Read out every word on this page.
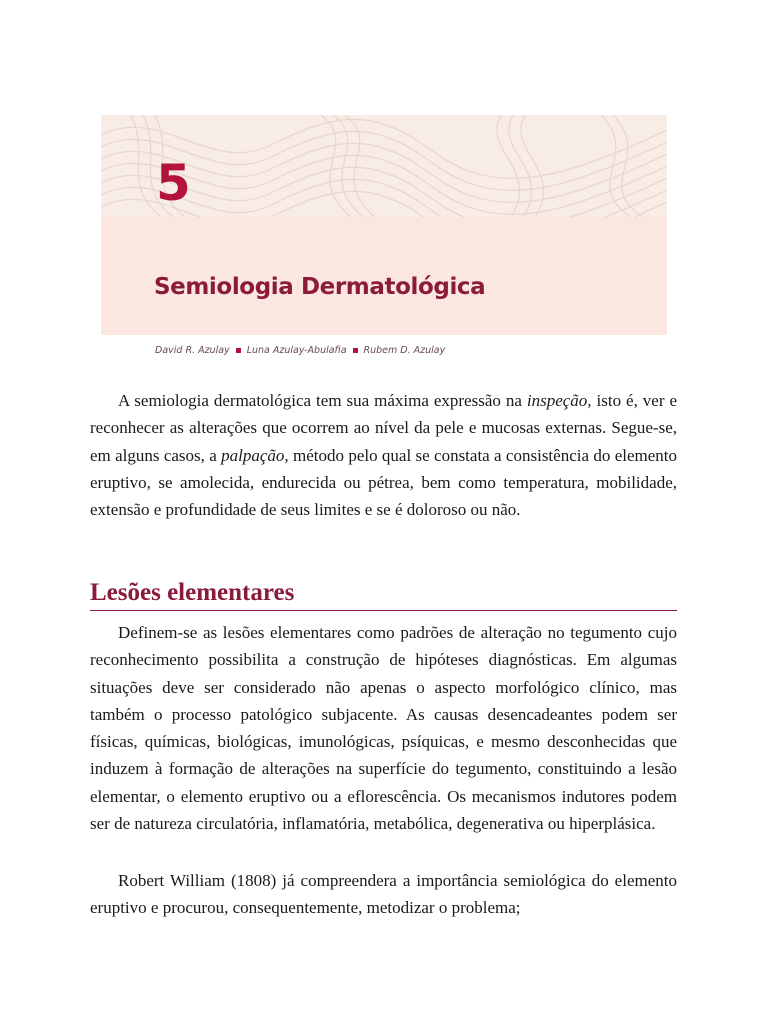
5
Semiologia Dermatológica
David R. Azulay Luna Azulay-Abulafia Rubem D. Azulay

A semiologia dermatológica tem sua máxima expressão na inspeção, isto é, ver e reconhecer as alterações que ocorrem ao nível da pele e mucosas externas. Segue-se, em alguns casos, a palpação, método pelo qual se constata a consistência do elemento eruptivo, se amolecida, endurecida ou pétrea, bem como temperatura, mobilidade, extensão e profundidade de seus limites e se é doloroso ou não.

Lesões elementares

Definem-se as lesões elementares como padrões de alteração no tegumento cujo reconhecimento possibilita a construção de hipóteses diagnósticas. Em algumas situações deve ser considerado não apenas o aspecto morfológico clínico, mas também o processo patológico subjacente. As causas desencadeantes podem ser físicas, químicas, biológicas, imunológicas, psíquicas, e mesmo desconhecidas que induzem à formação de alterações na superfície do tegumento, constituindo a lesão elementar, o elemento eruptivo ou a eflorescência. Os mecanismos indutores podem ser de natureza circulatória, inflamatória, metabólica, degenerativa ou hiperplásica.

Robert William (1808) já compreendera a importância semiológica do elemento eruptivo e procurou, consequentemente, metodizar o problema;
